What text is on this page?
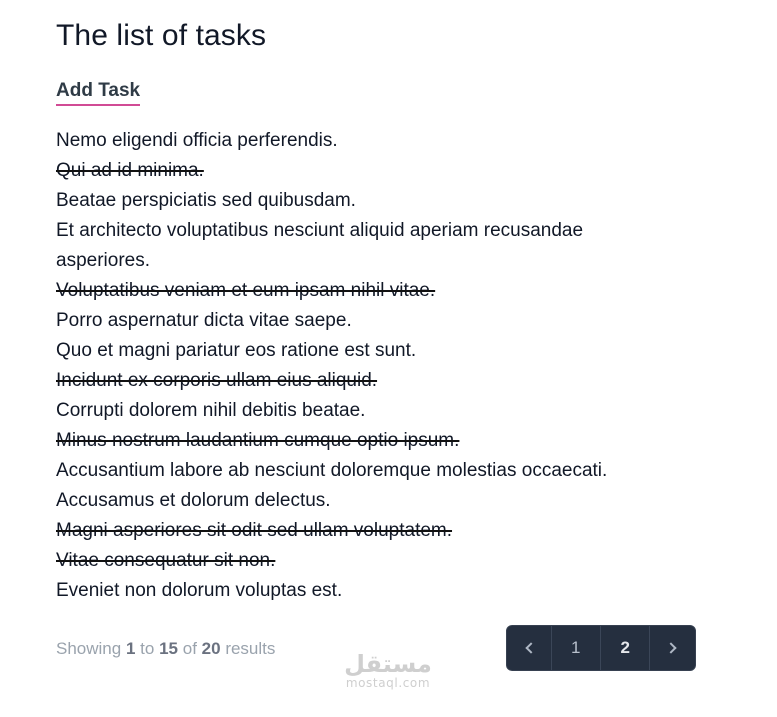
The list of tasks
Add Task
Nemo eligendi officia perferendis.
Qui ad id minima.
Beatae perspiciatis sed quibusdam.
Et architecto voluptatibus nesciunt aliquid aperiam recusandae asperiores.
Voluptatibus veniam et eum ipsam nihil vitae.
Porro aspernatur dicta vitae saepe.
Quo et magni pariatur eos ratione est sunt.
Incidunt ex corporis ullam eius aliquid.
Corrupti dolorem nihil debitis beatae.
Minus nostrum laudantium cumque optio ipsum.
Accusantium labore ab nesciunt doloremque molestias occaecati.
Accusamus et dolorum delectus.
Magni asperiores sit odit sed ullam voluptatem.
Vitae consequatur sit non.
Eveniet non dolorum voluptas est.
Showing 1 to 15 of 20 results	1	2
مستقل
mostaql.com
